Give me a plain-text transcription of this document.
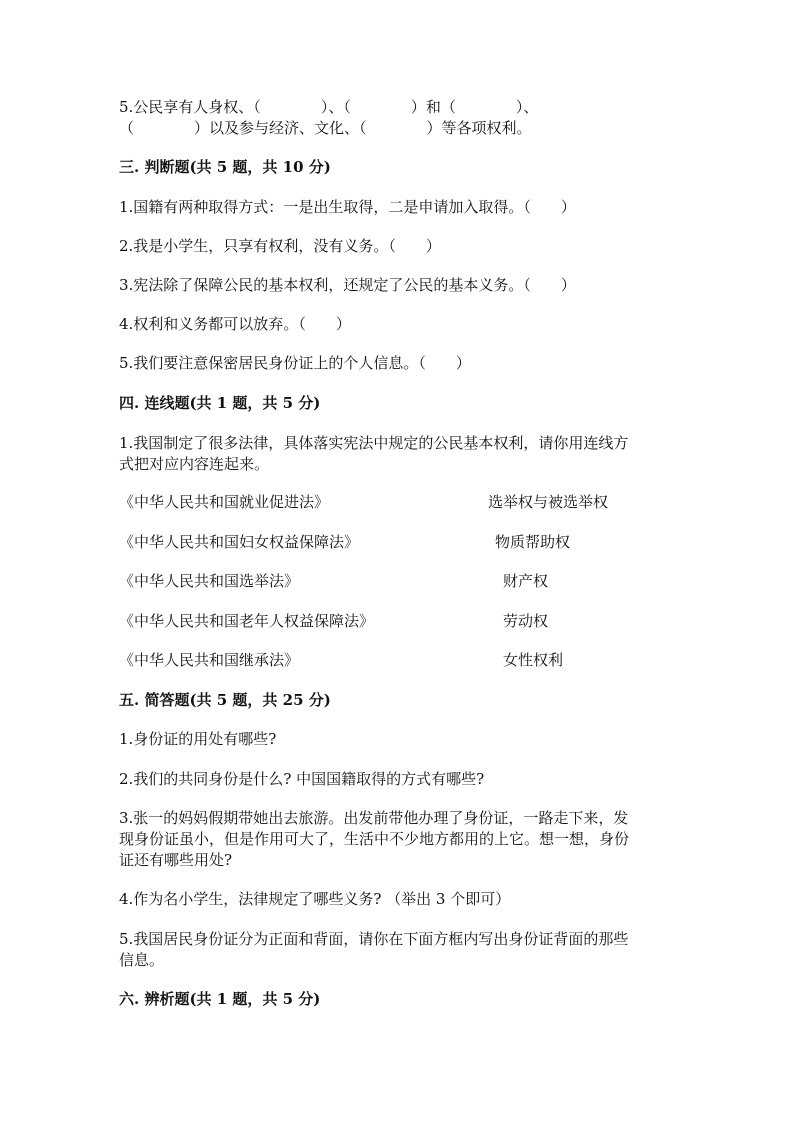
5.公民享有人身权、（　　　　）、（　　　　）和（　　　　）、
（　　　　）以及参与经济、文化、（　　　　）等各项权利。
三. 判断题(共 5 题，共 10 分)
1.国籍有两种取得方式：一是出生取得，二是申请加入取得。（　　）
2.我是小学生，只享有权利，没有义务。（　　）
3.宪法除了保障公民的基本权利，还规定了公民的基本义务。（　　）
4.权利和义务都可以放弃。（　　）
5.我们要注意保密居民身份证上的个人信息。（　　）
四. 连线题(共 1 题，共 5 分)
1.我国制定了很多法律，具体落实宪法中规定的公民基本权利，请你用连线方
式把对应内容连起来。
《中华人民共和国就业促进法》	选举权与被选举权
《中华人民共和国妇女权益保障法》	物质帮助权
《中华人民共和国选举法》	财产权
《中华人民共和国老年人权益保障法》	劳动权
《中华人民共和国继承法》	女性权利
五. 简答题(共 5 题，共 25 分)
1.身份证的用处有哪些?
2.我们的共同身份是什么? 中国国籍取得的方式有哪些?
3.张一的妈妈假期带她出去旅游。出发前带他办理了身份证，一路走下来，发
现身份证虽小，但是作用可大了，生活中不少地方都用的上它。想一想，身份
证还有哪些用处?
4.作为名小学生，法律规定了哪些义务? （举出 3 个即可）
5.我国居民身份证分为正面和背面，请你在下面方框内写出身份证背面的那些
信息。
六. 辨析题(共 1 题，共 5 分)
